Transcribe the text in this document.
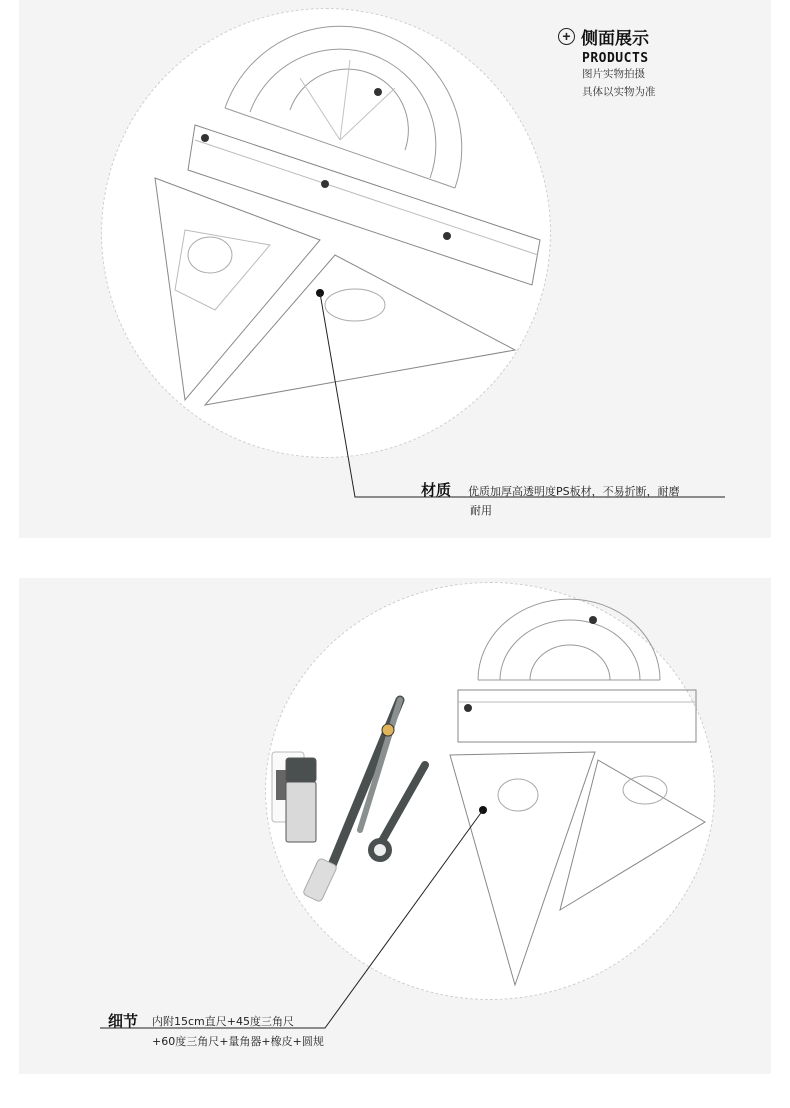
+ 侧面展示
PRODUCTS
图片实物拍摄
具体以实物为准
材质 优质加厚高透明度PS板材，不易折断，耐磨
耐用
细节 内附15cm直尺+45度三角尺
+60度三角尺+量角器+橡皮+圆规
